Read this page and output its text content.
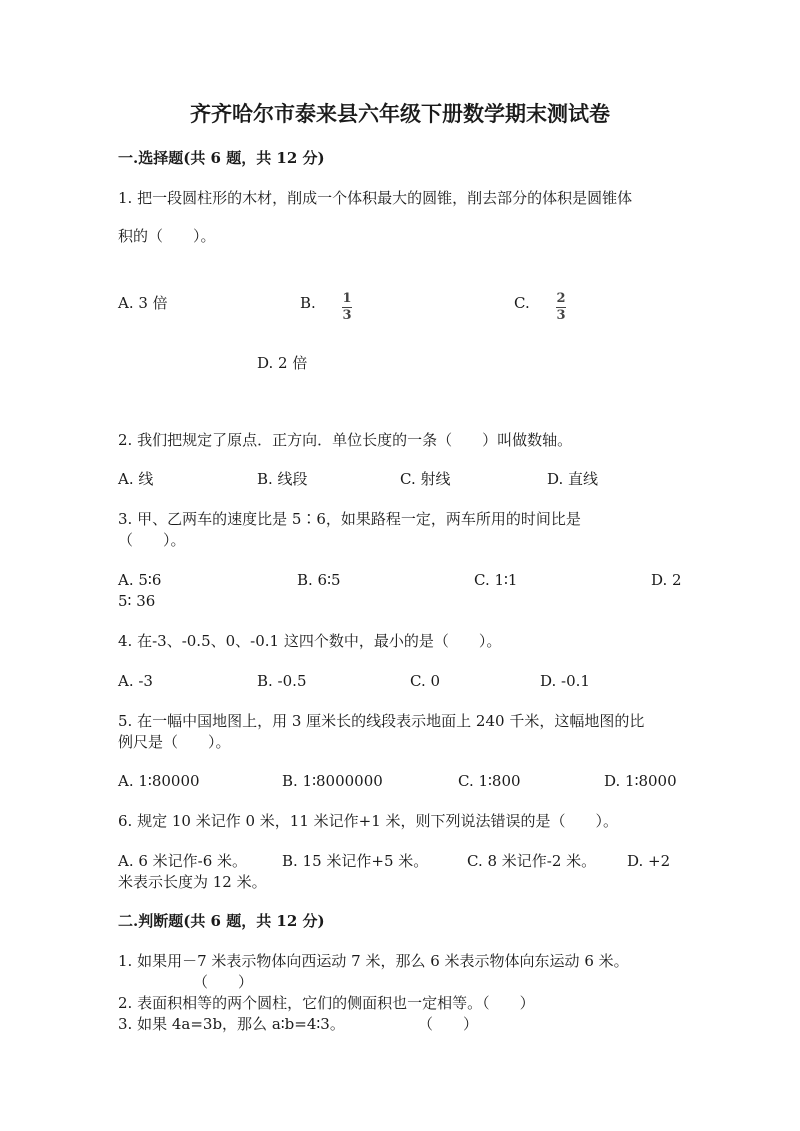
齐齐哈尔市泰来县六年级下册数学期末测试卷
一.选择题(共 6 题，共 12 分)
1. 把一段圆柱形的木材，削成一个体积最大的圆锥，削去部分的体积是圆锥体
积的（　　）。
A. 3 倍	B. $\frac{1}{3}$	C. $\frac{2}{3}$
D. 2 倍
2. 我们把规定了原点．正方向．单位长度的一条（　　）叫做数轴。
A. 线	B. 线段	C. 射线	D. 直线
3. 甲、乙两车的速度比是 5∶6，如果路程一定，两车所用的时间比是
（　　）。
A. 5∶6	B. 6∶5	C. 1∶1	D. 2
5∶ 36
4. 在-3、-0.5、0、-0.1 这四个数中，最小的是（　　）。
A. -3	B. -0.5	C. 0	D. -0.1
5. 在一幅中国地图上，用 3 厘米长的线段表示地面上 240 千米，这幅地图的比
例尺是（　　）。
A. 1∶80000	B. 1∶8000000	C. 1∶800	D. 1∶8000
6. 规定 10 米记作 0 米，11 米记作+1 米，则下列说法错误的是（　　）。
A. 6 米记作-6 米。 B. 15 米记作+5 米。	C. 8 米记作-2 米。 D. +2
米表示长度为 12 米。
二.判断题(共 6 题，共 12 分)
1. 如果用－7 米表示物体向西运动 7 米，那么 6 米表示物体向东运动 6 米。
（　　）
2. 表面积相等的两个圆柱，它们的侧面积也一定相等。（　　）
3. 如果 4a=3b，那么 a∶b=4∶3。	（　　）
